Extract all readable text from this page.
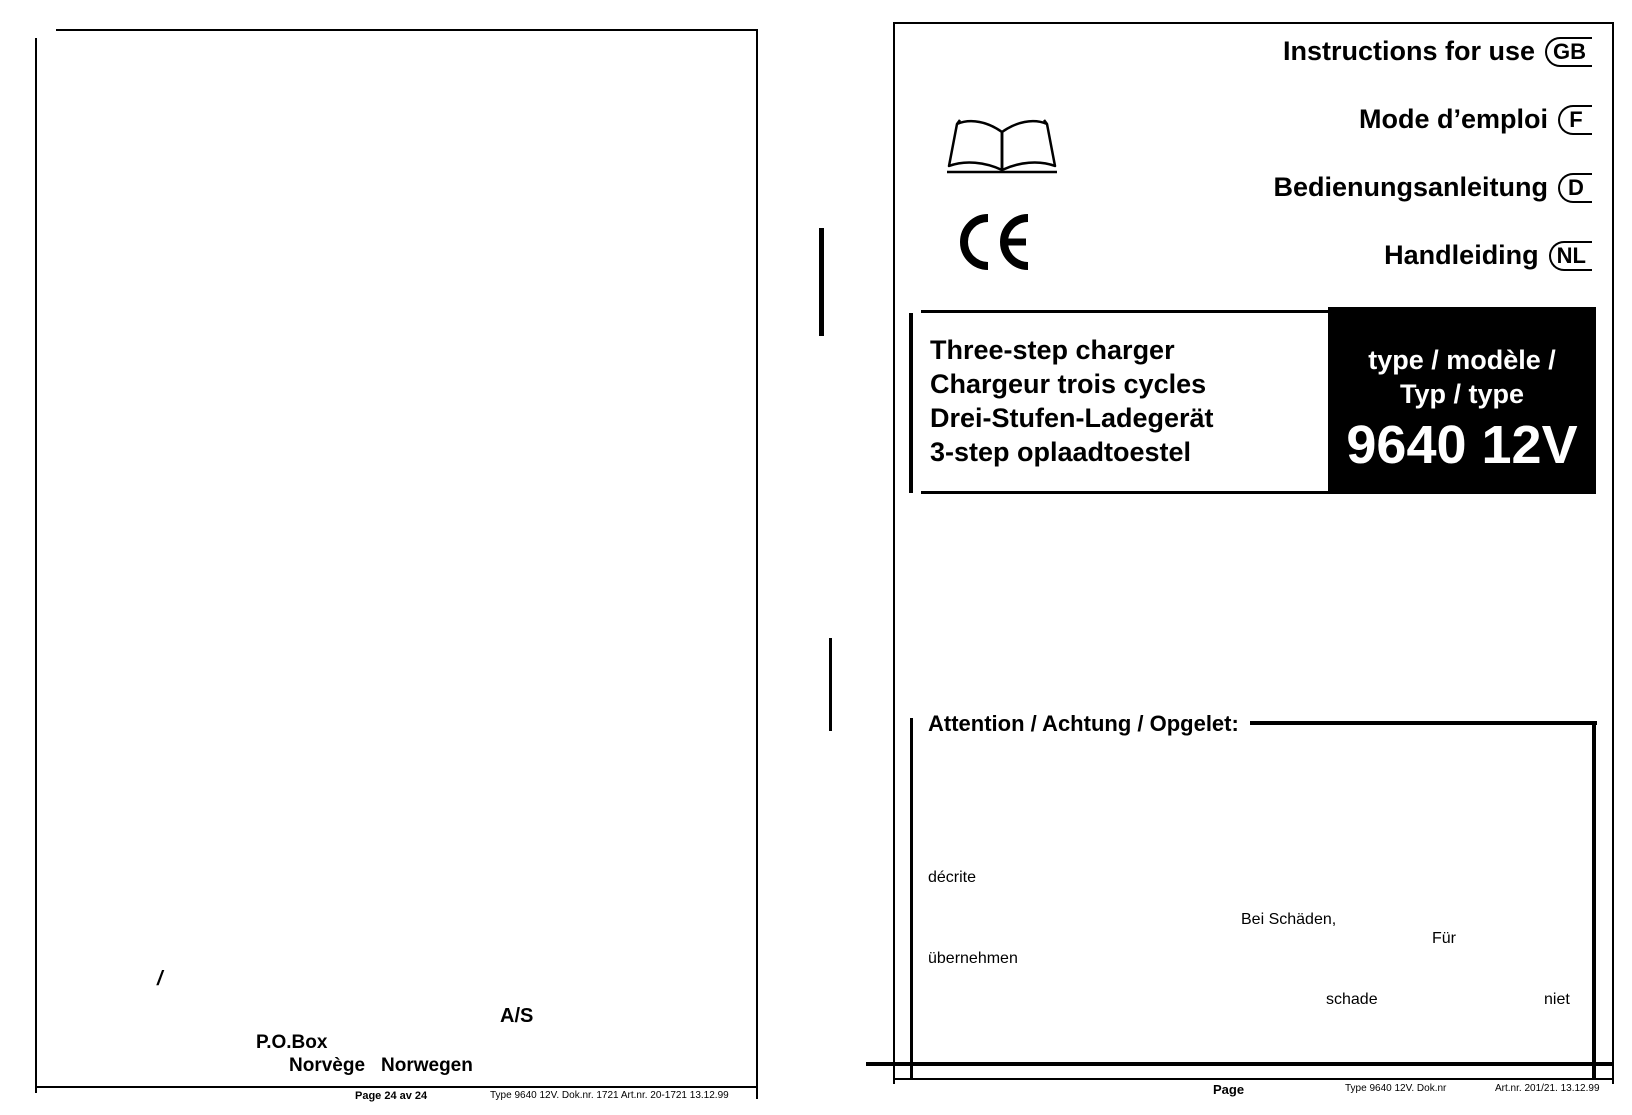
/
A/S
P.O.Box
Norvège Norwegen
Page 24 av 24	Type 9640 12V. Dok.nr. 1721 Art.nr. 20-1721 13.12.99
Instructions for use GB
Mode d’emploi F
Bedienungsanleitung D
Handleiding NL
Three-step charger
Chargeur trois cycles
Drei-Stufen-Ladegerät
3-step oplaadtoestel
type / modèle /
Typ / type
9640 12V
Attention / Achtung / Opgelet:
décrite
Bei Schäden,
Für
übernehmen
schade	niet
Page	Type 9640 12V. Dok.nr	Art.nr. 201/21. 13.12.99
